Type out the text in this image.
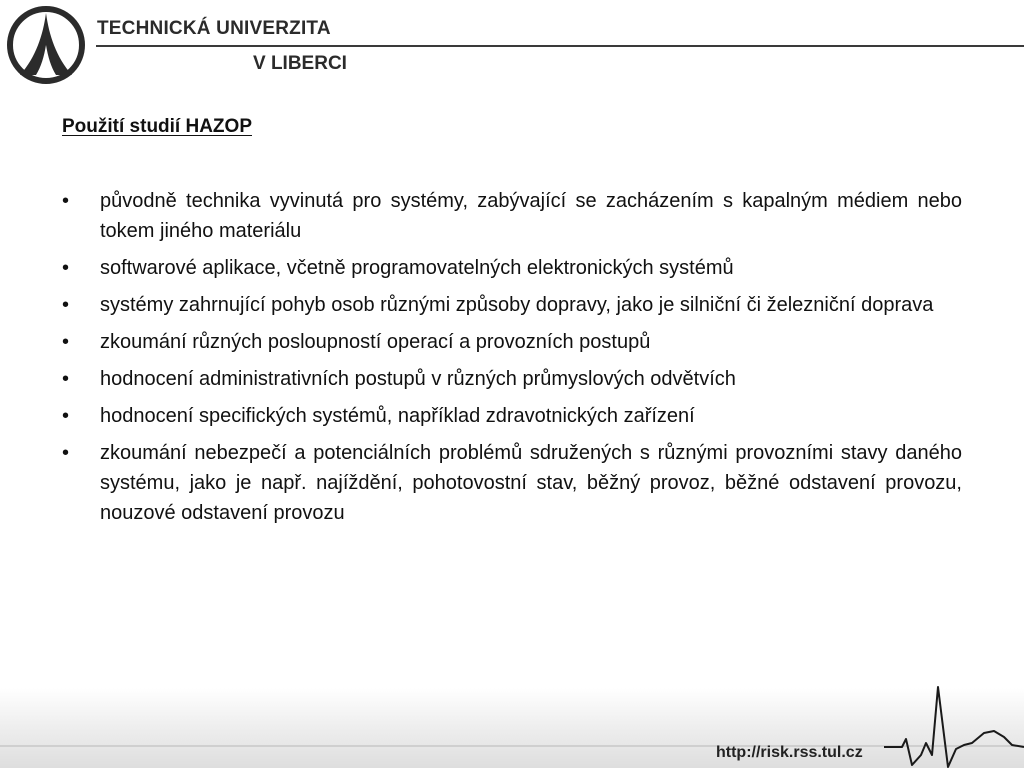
TECHNICKÁ UNIVERZITA
V LIBERCI
Použití studií HAZOP
• původně technika vyvinutá pro systémy, zabývající se zacházením s kapalným médiem nebo tokem jiného materiálu
• softwarové aplikace, včetně programovatelných elektronických systémů
• systémy zahrnující pohyb osob různými způsoby dopravy, jako je silniční či železniční doprava
• zkoumání různých posloupností operací a provozních postupů
• hodnocení administrativních postupů v různých průmyslových odvětvích
• hodnocení specifických systémů, například zdravotnických zařízení
• zkoumání nebezpečí a potenciálních problémů sdružených s různými provozními stavy daného systému, jako je např. najíždění, pohotovostní stav, běžný provoz, běžné odstavení provozu, nouzové odstavení provozu
http://risk.rss.tul.cz
